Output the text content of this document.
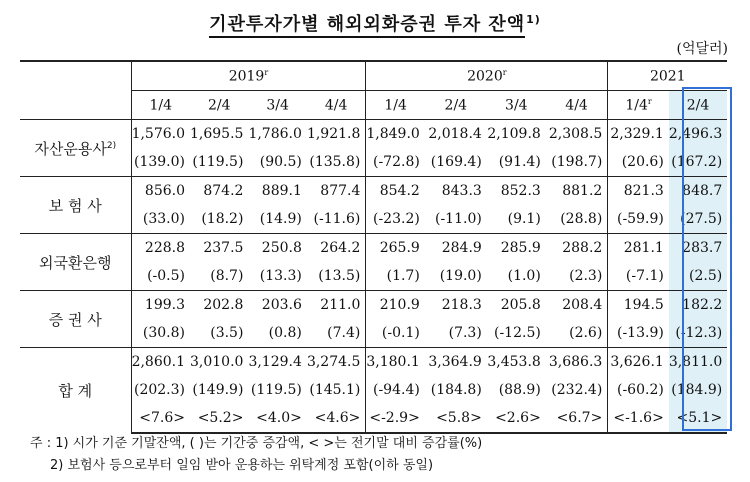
기관투자가별 해외외화증권 투자 잔액$^{1)}$
(억달러)
	2019$^r$				2020$^r$				2021	
	1/4	2/4	3/4	4/4	1/4	2/4	3/4	4/4	1/4$^r$	2/4
자산운용사$^{2)}$	1,576.0	1,695.5	1,786.0	1,921.8	1,849.0	2,018.4	2,109.8	2,308.5	2,329.1	2,496.3
	(139.0)	(119.5)	(90.5)	(135.8)	(-72.8)	(169.4)	(91.4)	(198.7)	(20.6)	(167.2)
보 험 사	856.0	874.2	889.1	877.4	854.2	843.3	852.3	881.2	821.3	848.7
	(33.0)	(18.2)	(14.9)	(-11.6)	(-23.2)	(-11.0)	(9.1)	(28.8)	(-59.9)	(27.5)
외국환은행	228.8	237.5	250.8	264.2	265.9	284.9	285.9	288.2	281.1	283.7
	(-0.5)	(8.7)	(13.3)	(13.5)	(1.7)	(19.0)	(1.0)	(2.3)	(-7.1)	(2.5)
증 권 사	199.3	202.8	203.6	211.0	210.9	218.3	205.8	208.4	194.5	182.2
	(30.8)	(3.5)	(0.8)	(7.4)	(-0.1)	(7.3)	(-12.5)	(2.6)	(-13.9)	(-12.3)
합 계	2,860.1	3,010.0	3,129.4	3,274.5	3,180.1	3,364.9	3,453.8	3,686.3	3,626.1	3,811.0
	(202.3)	(149.9)	(119.5)	(145.1)	(-94.4)	(184.8)	(88.9)	(232.4)	(-60.2)	(184.9)
	<7.6>	<5.2>	<4.0>	<4.6>	<-2.9>	<5.8>	<2.6>	<6.7>	<-1.6>	<5.1>
주 : 1) 시가 기준 기말잔액, ( )는 기간중 증감액, < >는 전기말 대비 증감률(%)
2) 보험사 등으로부터 일임 받아 운용하는 위탁계정 포함(이하 동일)
